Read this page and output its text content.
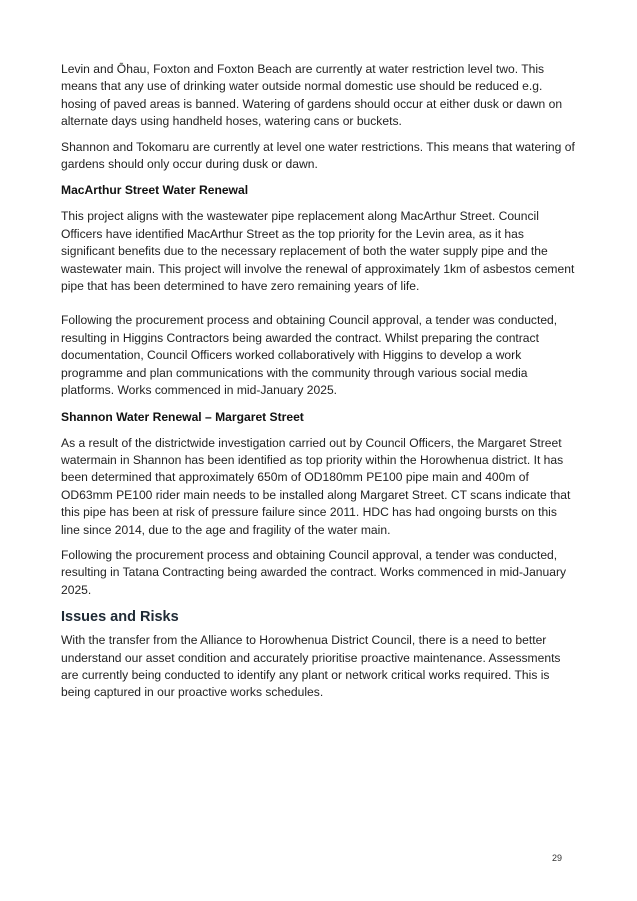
Levin and Ōhau, Foxton and Foxton Beach are currently at water restriction level two. This means that any use of drinking water outside normal domestic use should be reduced e.g. hosing of paved areas is banned. Watering of gardens should occur at either dusk or dawn on alternate days using handheld hoses, watering cans or buckets.

Shannon and Tokomaru are currently at level one water restrictions. This means that watering of gardens should only occur during dusk or dawn.

MacArthur Street Water Renewal

This project aligns with the wastewater pipe replacement along MacArthur Street. Council Officers have identified MacArthur Street as the top priority for the Levin area, as it has significant benefits due to the necessary replacement of both the water supply pipe and the wastewater main. This project will involve the renewal of approximately 1km of asbestos cement pipe that has been determined to have zero remaining years of life.

Following the procurement process and obtaining Council approval, a tender was conducted, resulting in Higgins Contractors being awarded the contract. Whilst preparing the contract documentation, Council Officers worked collaboratively with Higgins to develop a work programme and plan communications with the community through various social media platforms. Works commenced in mid-January 2025.

Shannon Water Renewal – Margaret Street

As a result of the districtwide investigation carried out by Council Officers, the Margaret Street watermain in Shannon has been identified as top priority within the Horowhenua district. It has been determined that approximately 650m of OD180mm PE100 pipe main and 400m of OD63mm PE100 rider main needs to be installed along Margaret Street. CT scans indicate that this pipe has been at risk of pressure failure since 2011. HDC has had ongoing bursts on this line since 2014, due to the age and fragility of the water main.

Following the procurement process and obtaining Council approval, a tender was conducted, resulting in Tatana Contracting being awarded the contract. Works commenced in mid-January 2025.

Issues and Risks

With the transfer from the Alliance to Horowhenua District Council, there is a need to better understand our asset condition and accurately prioritise proactive maintenance. Assessments are currently being conducted to identify any plant or network critical works required. This is being captured in our proactive works schedules.

29
